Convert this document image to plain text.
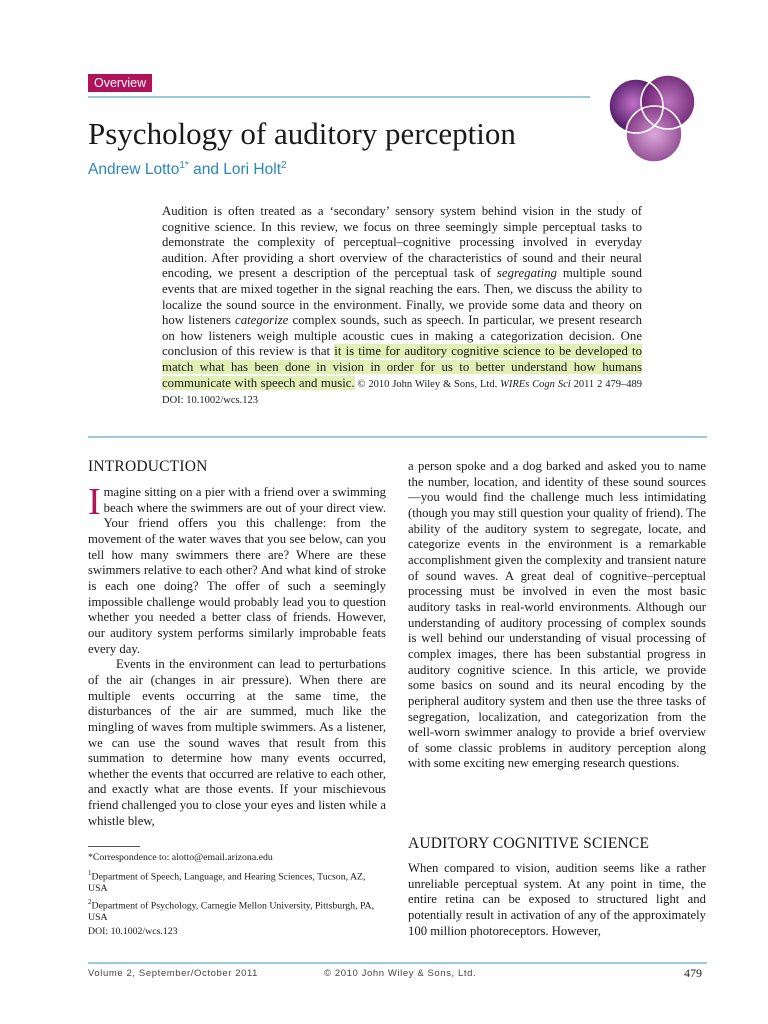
Overview
Psychology of auditory perception
Andrew Lotto$^{1*}$ and Lori Holt$^2$
Audition is often treated as a ‘secondary’ sensory system behind vision in the study of cognitive science. In this review, we focus on three seemingly simple perceptual tasks to demonstrate the complexity of perceptual–cognitive processing involved in everyday audition. After providing a short overview of the characteristics of sound and their neural encoding, we present a description of the perceptual task of segregating multiple sound events that are mixed together in the signal reaching the ears. Then, we discuss the ability to localize the sound source in the environment. Finally, we provide some data and theory on how listeners categorize complex sounds, such as speech. In particular, we present research on how listeners weigh multiple acoustic cues in making a categorization decision. One conclusion of this review is that it is time for auditory cognitive science to be developed to match what has been done in vision in order for us to better understand how humans communicate with speech and music. © 2010 John Wiley & Sons, Ltd. WIREs Cogn Sci 2011 2 479–489 DOI: 10.1002/wcs.123
INTRODUCTION
Imagine sitting on a pier with a friend over a swimming beach where the swimmers are out of your direct view. Your friend offers you this challenge: from the movement of the water waves that you see below, can you tell how many swimmers there are? Where are these swimmers relative to each other? And what kind of stroke is each one doing? The offer of such a seemingly impossible challenge would probably lead you to question whether you needed a better class of friends. However, our auditory system performs similarly improbable feats every day.
Events in the environment can lead to perturbations of the air (changes in air pressure). When there are multiple events occurring at the same time, the disturbances of the air are summed, much like the mingling of waves from multiple swimmers. As a listener, we can use the sound waves that result from this summation to determine how many events occurred, whether the events that occurred are relative to each other, and exactly what are those events. If your mischievous friend challenged you to close your eyes and listen while a whistle blew,
a person spoke and a dog barked and asked you to name the number, location, and identity of these sound sources—you would find the challenge much less intimidating (though you may still question your quality of friend). The ability of the auditory system to segregate, locate, and categorize events in the environment is a remarkable accomplishment given the complexity and transient nature of sound waves. A great deal of cognitive–perceptual processing must be involved in even the most basic auditory tasks in real-world environments. Although our understanding of auditory processing of complex sounds is well behind our understanding of visual processing of complex images, there has been substantial progress in auditory cognitive science. In this article, we provide some basics on sound and its neural encoding by the peripheral auditory system and then use the three tasks of segregation, localization, and categorization from the well-worn swimmer analogy to provide a brief overview of some classic problems in auditory perception along with some exciting new emerging research questions.
AUDITORY COGNITIVE SCIENCE
When compared to vision, audition seems like a rather unreliable perceptual system. At any point in time, the entire retina can be exposed to structured light and potentially result in activation of any of the approximately 100 million photoreceptors. However,
*Correspondence to: alotto@email.arizona.edu
$^1$Department of Speech, Language, and Hearing Sciences, Tucson, AZ, USA
$^2$Department of Psychology, Carnegie Mellon University, Pittsburgh, PA, USA
DOI: 10.1002/wcs.123
Volume 2, September/October 2011	© 2010 John Wiley & Sons, Ltd.	479
